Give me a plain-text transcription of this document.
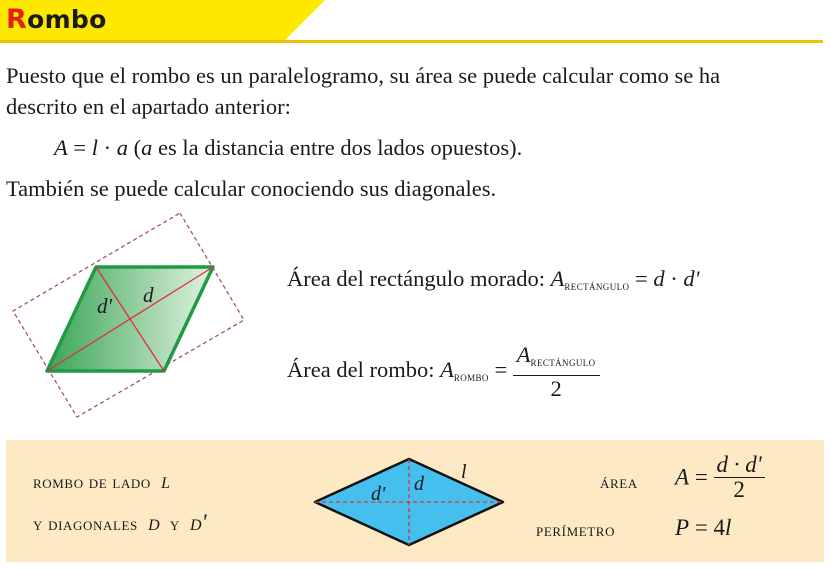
Rombo
Puesto que el rombo es un paralelogramo, su área se puede calcular como se ha
descrito en el apartado anterior:
A = l · a (a es la distancia entre dos lados opuestos).
También se puede calcular conociendo sus diagonales.
d' d
Área del rectángulo morado: Arectángulo = d · d'
Área del rombo: Arombo = $\frac{\text{Arectángulo}}{2}$
rombo de lado l
y diagonales d y d'
d' d
l	área $A = \frac{d \cdot d'}{2}$
perímetro	P = 4l
